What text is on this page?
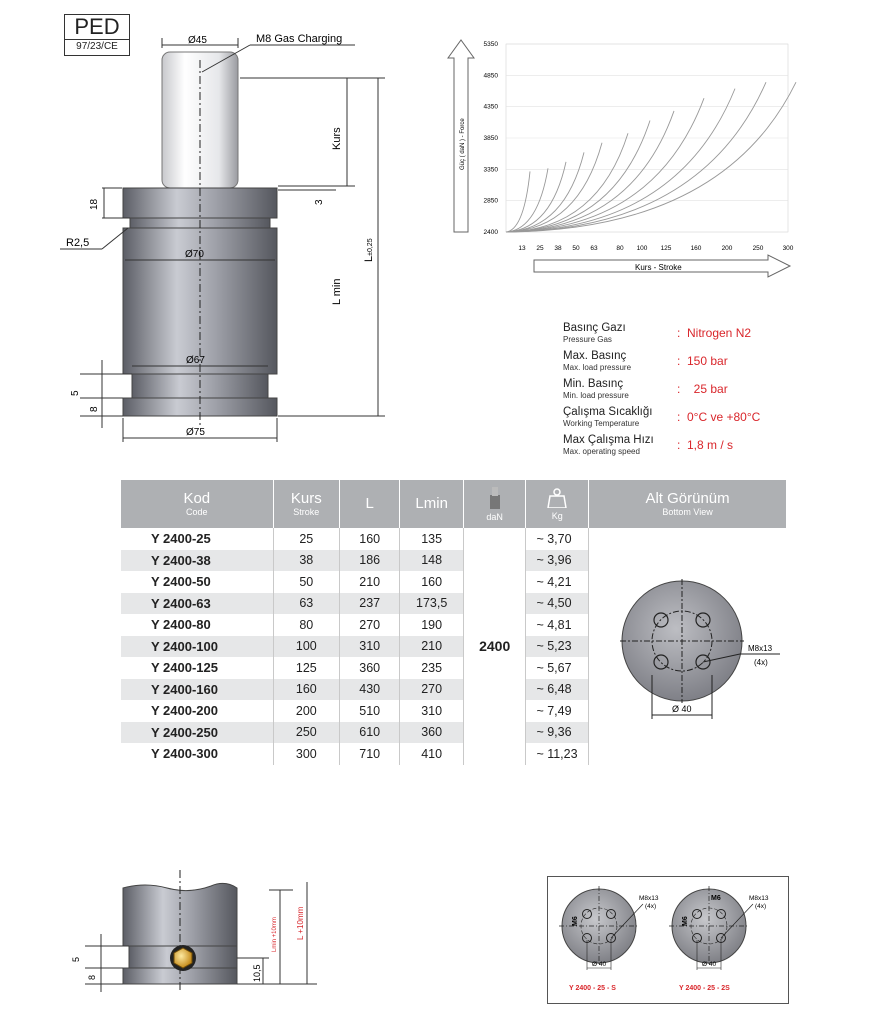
PED
97/23/CE
Ø45	M8 Gas Charging
Kurs
3
L±0,25
L min
18
R2,5
Ø70
Ø67
5
8
Ø75
5350
4850
4350
3850
3350
2850
2400
13 25 38 50 63	80 100 125	160	200	250	300
Güç ( daN ) - Force
Kurs - Stroke
Basınç Gazı
Pressure Gas	:  Nitrogen N2
Max. Basınç
Max. load pressure	:  150 bar
Min. Basınç
Min. load pressure	:    25 bar
Çalışma Sıcaklığı
Working Temperature	:  0°C ve +80°C
Max Çalışma Hızı
Max. operating speed	:  1,8 m / s
Kod
Code	Kurs
Stroke	L	Lmin	daN	Kg	Alt Görünüm
Bottom View

Y 2400-25	25	160	135	2400	~ 3,70	
Y 2400-38	38	186	148		~ 3,96	
Y 2400-50	50	210	160		~ 4,21	
Y 2400-63	63	237	173,5		~ 4,50	
Y 2400-80	80	270	190		~ 4,81	
Y 2400-100	100	310	210		~ 5,23	
Y 2400-125	125	360	235		~ 5,67	
Y 2400-160	160	430	270		~ 6,48	
Y 2400-200	200	510	310		~ 7,49	
Y 2400-250	250	610	360		~ 9,36	
Y 2400-300	300	710	410		~ 11,23	
M8x13
(4x)
Ø 40
5
8	10,5
Lmin +10mm L +10mm	M6
M8x13
(4x)
Ø 40
M6
M6	M8x13
(4x)
Ø 40
Y 2400 - 25 - S	Y 2400 - 25 - 2S
